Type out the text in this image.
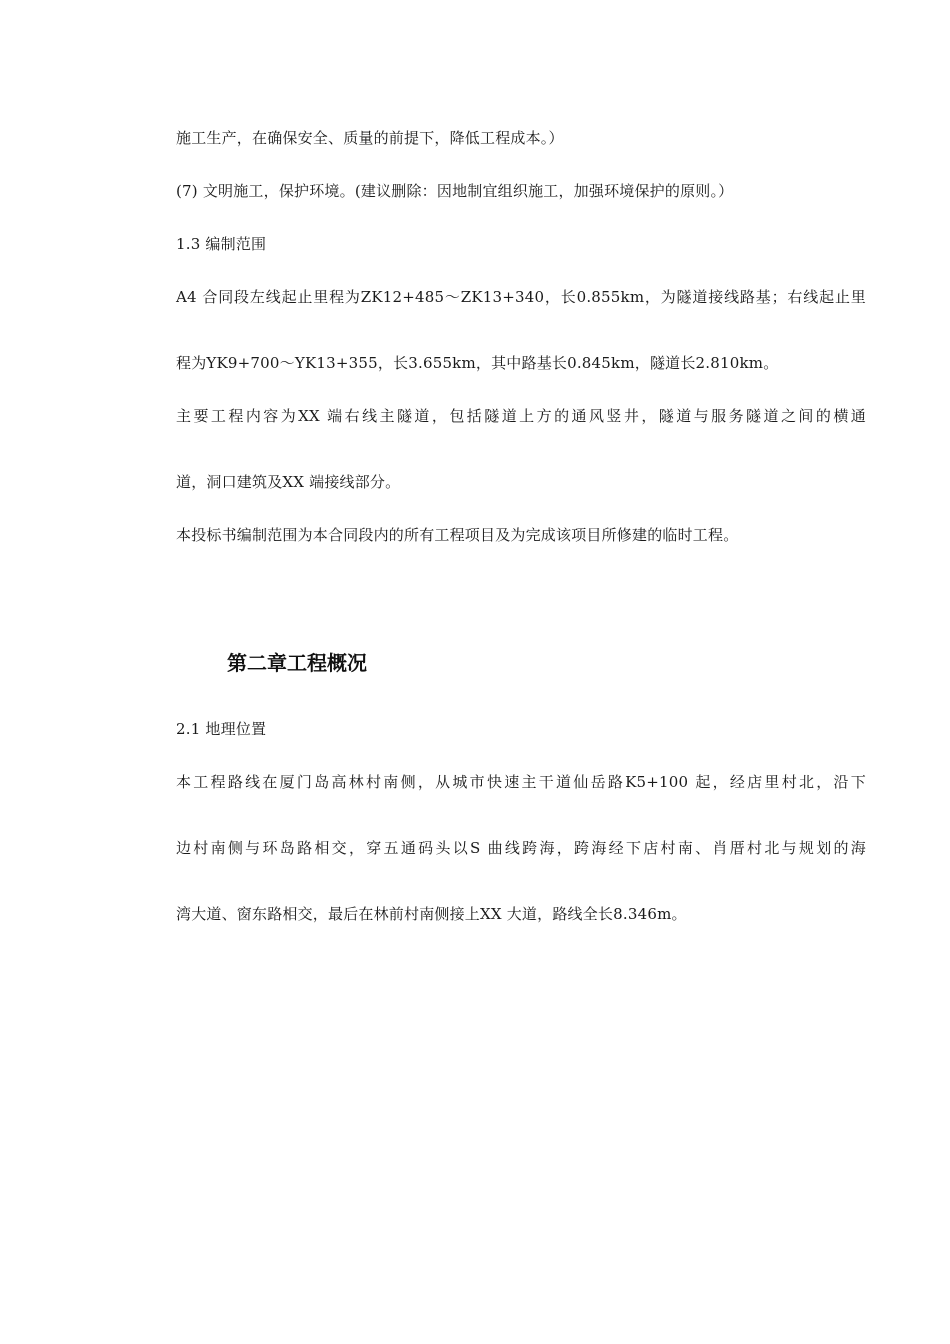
施工生产，在确保安全、质量的前提下，降低工程成本。）
(7) 文明施工，保护环境。(建议删除：因地制宜组织施工，加强环境保护的原则。）
1.3 编制范围
A4 合同段左线起止里程为ZK12+485～ZK13+340，长0.855km，为隧道接线路基；右线起止里
程为YK9+700～YK13+355，长3.655km，其中路基长0.845km，隧道长2.810km。
主要工程内容为XX 端右线主隧道，包括隧道上方的通风竖井，隧道与服务隧道之间的横通
道，洞口建筑及XX 端接线部分。
本投标书编制范围为本合同段内的所有工程项目及为完成该项目所修建的临时工程。
第二章工程概况
2.1 地理位置
本工程路线在厦门岛高林村南侧，从城市快速主干道仙岳路K5+100 起，经店里村北，沿下
边村南侧与环岛路相交，穿五通码头以S 曲线跨海，跨海经下店村南、肖厝村北与规划的海
湾大道、窗东路相交，最后在林前村南侧接上XX 大道，路线全长8.346m。
